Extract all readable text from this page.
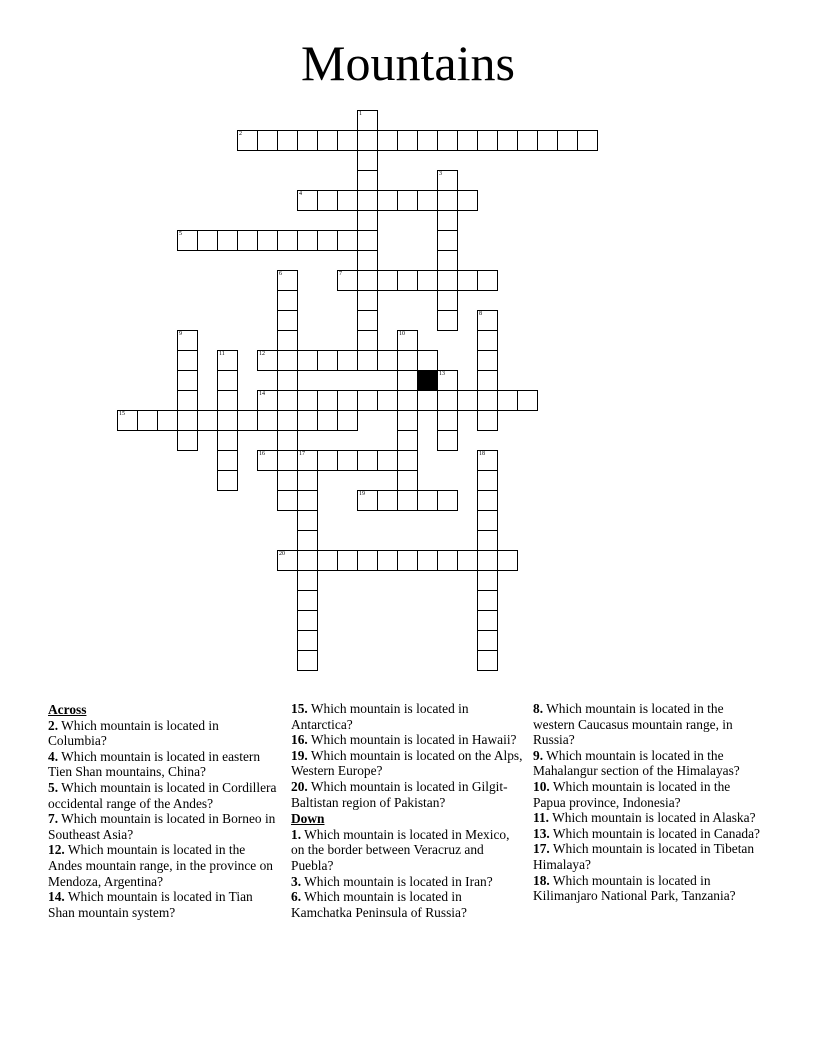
Mountains
1
2
3
4
5
6	7
8
9	10
11	12
13
14
15
16	17	18
19
20
Across
2. Which mountain is located in Columbia?
4. Which mountain is located in eastern Tien Shan mountains, China?
5. Which mountain is located in Cordillera occidental range of the Andes?
7. Which mountain is located in Borneo in Southeast Asia?
12. Which mountain is located in the Andes mountain range, in the province on Mendoza, Argentina?
14. Which mountain is located in Tian Shan mountain system?
15. Which mountain is located in Antarctica?
16. Which mountain is located in Hawaii?
19. Which mountain is located on the Alps, Western Europe?
20. Which mountain is located in Gilgit-Baltistan region of Pakistan?
Down
1. Which mountain is located in Mexico, on the border between Veracruz and Puebla?
3. Which mountain is located in Iran?
6. Which mountain is located in Kamchatka Peninsula of Russia?
8. Which mountain is located in the western Caucasus mountain range, in Russia?
9. Which mountain is located in the Mahalangur section of the Himalayas?
10. Which mountain is located in the Papua province, Indonesia?
11. Which mountain is located in Alaska?
13. Which mountain is located in Canada?
17. Which mountain is located in Tibetan Himalaya?
18. Which mountain is located in Kilimanjaro National Park, Tanzania?
